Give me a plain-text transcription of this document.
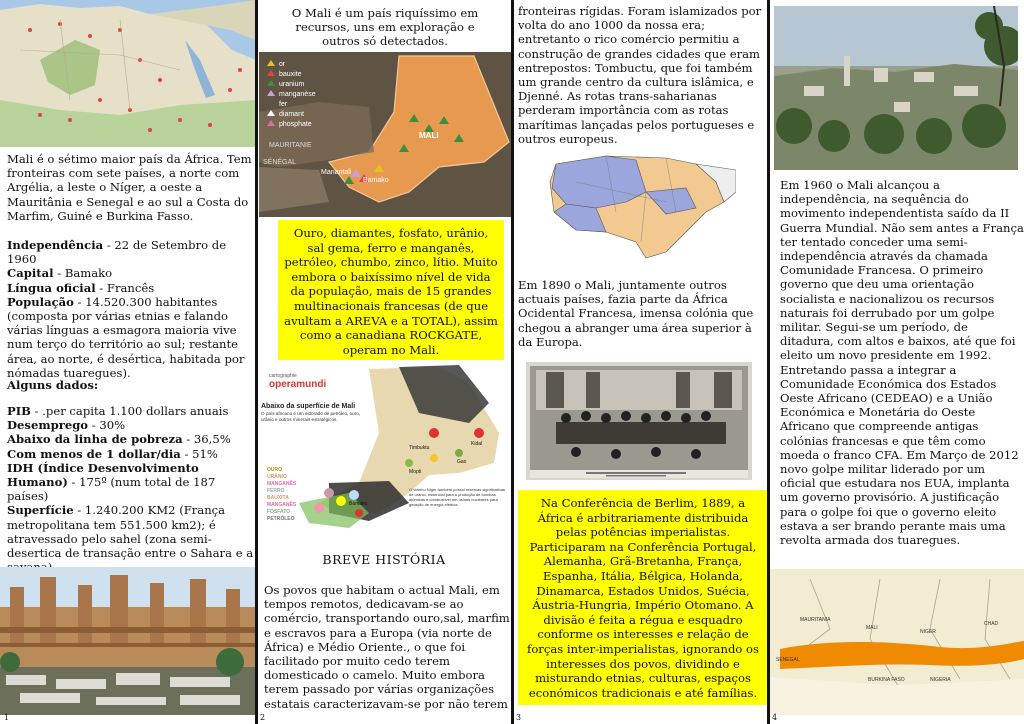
Mali é o sétimo maior país da África. Tem fronteiras com sete países, a norte com Argélia, a leste o Níger, a oeste a Mauritânia e Senegal e ao sul a Costa do Marfim, Guiné e Burkina Fasso.
Independência - 22 de Setembro de 1960
Capital - Bamako
Língua oficial - Francês
População - 14.520.300 habitantes (composta por várias etnias e falando várias línguas a esmagora maioria vive num terço do território ao sul; restante área, ao norte, é desértica, habitada por nómadas tuaregues).
Alguns dados:
PIB - .per capita 1.100 dollars anuais
Desemprego - 30%
Abaixo da linha de pobreza - 36,5%
Com menos de 1 dollar/dia - 51%
IDH (Índice Desenvolvimento Humano) - 175º (num total de 187 países)
Superfície - 1.240.200 KM2 (França metropolitana tem 551.500 km2); é atravessado pelo sahel (zona semi-desertica de transação entre o Sahara e a
1
O Mali é um país riquíssimo em recursos, uns em exploração e outros só detectados.
or
bauxite
uranium
manganèse
fer
diamant
phosphate
MALI
MAURITANIE
SÉNÉGAL
Manantali
Bamako
Ouro, diamantes, fosfato, urânio, sal gema, ferro e manganês, petróleo, chumbo, zinco, lítio. Muito embora o baixíssimo nível de vida da população, mais de 15 grandes multinacionais francesas (de que avultam a AREVA e a TOTAL), assim como a canadiana ROCKGATE, operam no Mali.
cartographie
operamundi
Abaixo da superfície de Mali
O país africano é um eldorado de petróleo, ouro, urânio e outros minerais estratégicos.
OURO
URÂNIO
MANGANÊS
FERRO
BAUXITA
MANGANÊS
FOSFATO
PETRÓLEO
Timbuktu
Gao
Kidal
Mopti
Bamako
O vizinho Níger também possui reservas significativas de urânio, essencial para a produção de bombas atômicas e combustível em usinas nucleares para geração de energia elétrica
BREVE HISTÓRIA
Os povos que habitam o actual Mali, em tempos remotos, dedicavam-se ao comércio, transportando ouro,sal, marfim e escravos para a Europa (via norte de África) e Médio Oriente., o que foi facilitado por muito cedo terem domesticado o camelo. Muito embora terem passado por várias organizações estatais caracterizavam-se por não terem
2
fronteiras rígidas. Foram islamizados por volta do ano 1000 da nossa era; entretanto o rico comércio permitiu a construção de grandes cidades que eram entrepostos: Tombuctu, que foi também um grande centro da cultura islâmica, e Djenné. As rotas trans-saharianas perderam importância com as rotas marítimas lançadas pelos portugueses e outros europeus.
Em 1890 o Mali, juntamente outros actuais países, fazia parte da África Ocidental Francesa, imensa colónia que chegou a abranger uma área superior à da Europa.
Na Conferência de Berlim, 1889, a África é arbitrariamente distribuida pelas potências imperialistas. Participaram na Conferência Portugal, Alemanha, Grã-Bretanha, França, Espanha, Itália, Bélgica, Holanda, Dinamarca, Estados Unidos, Suécia, Áustria-Hungria, Império Otomano. A divisão é feita a régua e esquadro conforme os interesses e relação de forças inter-imperialistas, ignorando os interesses dos povos, dividindo e misturando etnias, culturas, espaços económicos tradicionais e até famílias.
3
Em 1960 o Mali alcançou a independência, na sequência do movimento independentista saído da II Guerra Mundial. Não sem antes a França ter tentado conceder uma semi-independência através da chamada Comunidade Francesa. O primeiro governo que deu uma orientação socialista e nacionalizou os recursos naturais foi derrubado por um golpe militar. Segui-se um período, de ditadura, com altos e baixos, até que foi eleito um novo presidente em 1992. Entretando passa a integrar a Comunidade Económica dos Estados Oeste Africano (CEDEAO) e a União Económica e Monetária do Oeste Africano que compreende antigas colónias francesas e que têm como moeda o franco CFA. Em Março de 2012 novo golpe militar liderado por um oficial que estudara nos EUA, implanta um governo provisório. A justificação para o golpe foi que o governo eleito estava a ser brando perante mais uma revolta armada dos tuaregues.
MAURITANIA
MALI
NIGER
CHAD
SENEGAL
NIGERIA
BURKINA FASO
4
